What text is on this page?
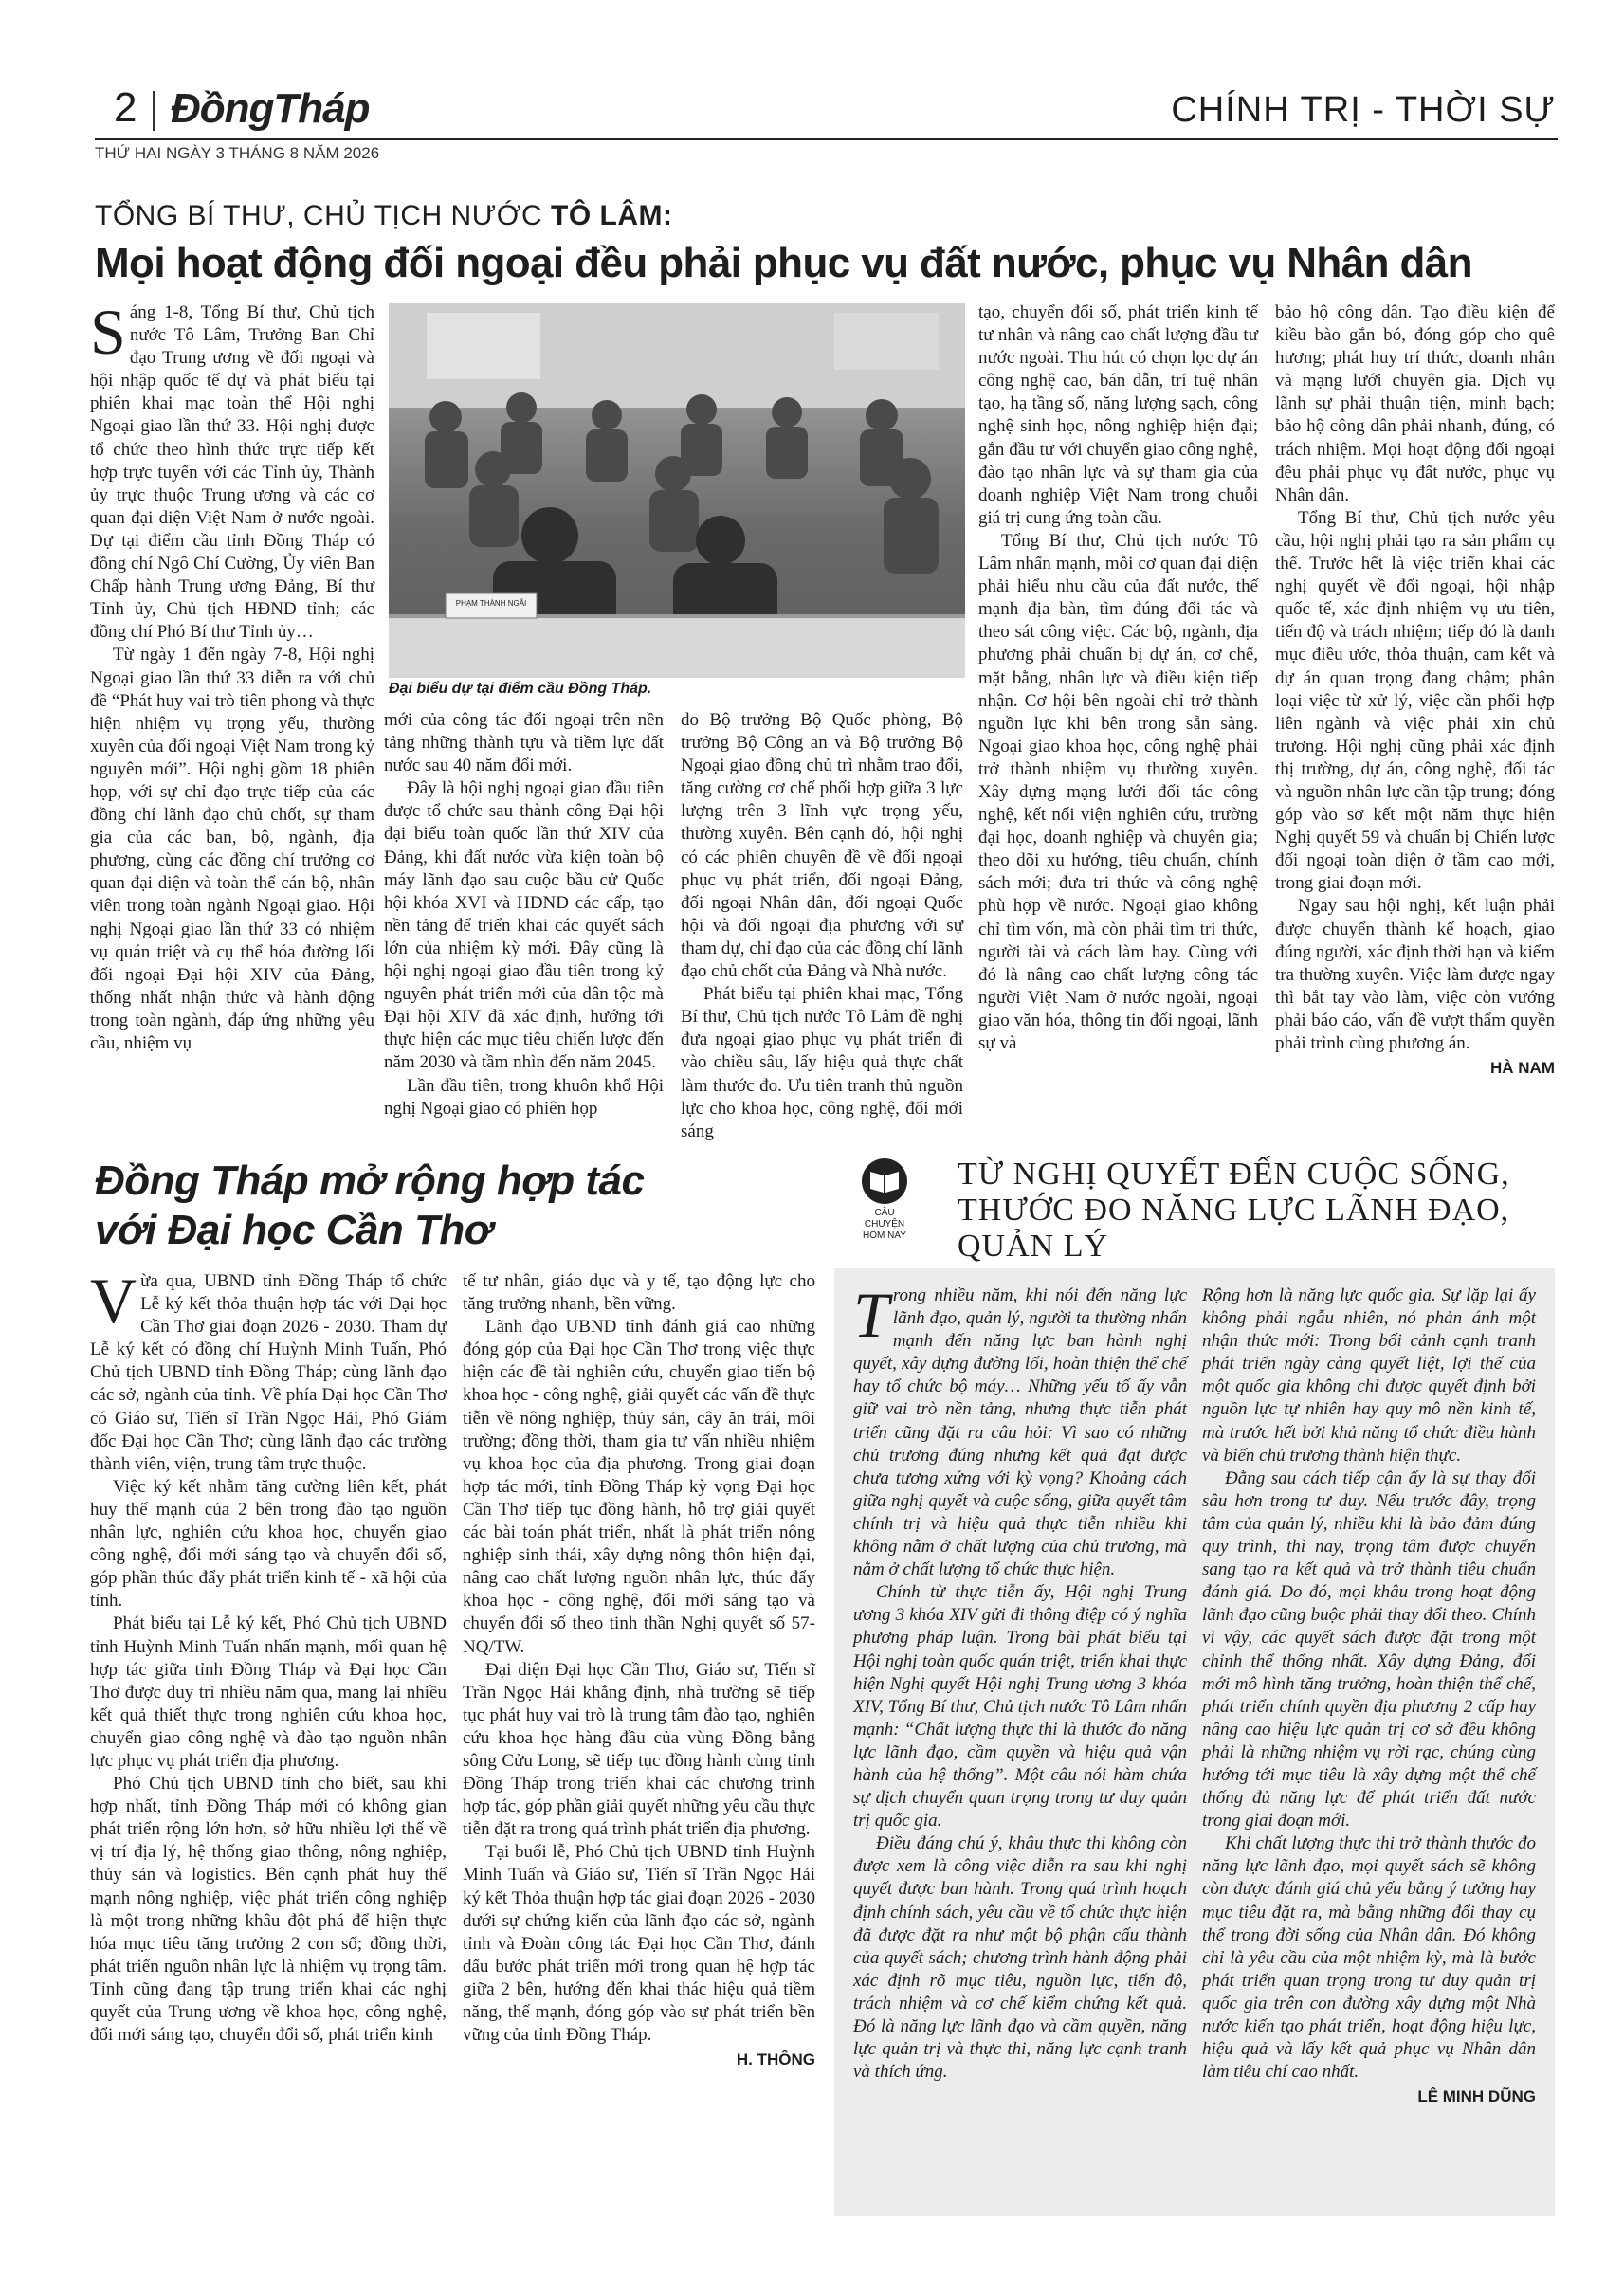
2 ĐồngTháp	CHÍNH TRỊ - THỜI SỰ
THỨ HAI NGÀY 3 THÁNG 8 NĂM 2026
TỔNG BÍ THƯ, CHỦ TỊCH NƯỚC TÔ LÂM:
Mọi hoạt động đối ngoại đều phải phục vụ đất nước, phục vụ Nhân dân
PHẠM THÀNH NGÃI
Đại biểu dự tại điểm cầu Đồng Tháp.

Sáng 1-8, Tổng Bí thư, Chủ tịch nước Tô Lâm, Trưởng Ban Chỉ đạo Trung ương về đối ngoại và hội nhập quốc tế dự và phát biểu tại phiên khai mạc toàn thể Hội nghị Ngoại giao lần thứ 33. Hội nghị được tổ chức theo hình thức trực tiếp kết hợp trực tuyến với các Tỉnh ủy, Thành ủy trực thuộc Trung ương và các cơ quan đại diện Việt Nam ở nước ngoài. Dự tại điểm cầu tỉnh Đồng Tháp có đồng chí Ngô Chí Cường, Ủy viên Ban Chấp hành Trung ương Đảng, Bí thư Tỉnh ủy, Chủ tịch HĐND tỉnh; các đồng chí Phó Bí thư Tỉnh ủy…

Từ ngày 1 đến ngày 7-8, Hội nghị Ngoại giao lần thứ 33 diễn ra với chủ đề “Phát huy vai trò tiên phong và thực hiện nhiệm vụ trọng yếu, thường xuyên của đối ngoại Việt Nam trong kỷ nguyên mới”. Hội nghị gồm 18 phiên họp, với sự chỉ đạo trực tiếp của các đồng chí lãnh đạo chủ chốt, sự tham gia của các ban, bộ, ngành, địa phương, cùng các đồng chí trưởng cơ quan đại diện và toàn thể cán bộ, nhân viên trong toàn ngành Ngoại giao. Hội nghị Ngoại giao lần thứ 33 có nhiệm vụ quán triệt và cụ thể hóa đường lối đối ngoại Đại hội XIV của Đảng, thống nhất nhận thức và hành động trong toàn ngành, đáp ứng những yêu cầu, nhiệm vụ

mới của công tác đối ngoại trên nền tảng những thành tựu và tiềm lực đất nước sau 40 năm đổi mới.

Đây là hội nghị ngoại giao đầu tiên được tổ chức sau thành công Đại hội đại biểu toàn quốc lần thứ XIV của Đảng, khi đất nước vừa kiện toàn bộ máy lãnh đạo sau cuộc bầu cử Quốc hội khóa XVI và HĐND các cấp, tạo nền tảng để triển khai các quyết sách lớn của nhiệm kỳ mới. Đây cũng là hội nghị ngoại giao đầu tiên trong kỷ nguyên phát triển mới của dân tộc mà Đại hội XIV đã xác định, hướng tới thực hiện các mục tiêu chiến lược đến năm 2030 và tầm nhìn đến năm 2045.

Lần đầu tiên, trong khuôn khổ Hội nghị Ngoại giao có phiên họp

do Bộ trưởng Bộ Quốc phòng, Bộ trưởng Bộ Công an và Bộ trưởng Bộ Ngoại giao đồng chủ trì nhằm trao đổi, tăng cường cơ chế phối hợp giữa 3 lực lượng trên 3 lĩnh vực trọng yếu, thường xuyên. Bên cạnh đó, hội nghị có các phiên chuyên đề về đối ngoại phục vụ phát triển, đối ngoại Đảng, đối ngoại Nhân dân, đối ngoại Quốc hội và đối ngoại địa phương với sự tham dự, chỉ đạo của các đồng chí lãnh đạo chủ chốt của Đảng và Nhà nước.

Phát biểu tại phiên khai mạc, Tổng Bí thư, Chủ tịch nước Tô Lâm đề nghị đưa ngoại giao phục vụ phát triển đi vào chiều sâu, lấy hiệu quả thực chất làm thước đo. Ưu tiên tranh thủ nguồn lực cho khoa học, công nghệ, đổi mới sáng

tạo, chuyển đổi số, phát triển kinh tế tư nhân và nâng cao chất lượng đầu tư nước ngoài. Thu hút có chọn lọc dự án công nghệ cao, bán dẫn, trí tuệ nhân tạo, hạ tầng số, năng lượng sạch, công nghệ sinh học, nông nghiệp hiện đại; gắn đầu tư với chuyển giao công nghệ, đào tạo nhân lực và sự tham gia của doanh nghiệp Việt Nam trong chuỗi giá trị cung ứng toàn cầu.

Tổng Bí thư, Chủ tịch nước Tô Lâm nhấn mạnh, mỗi cơ quan đại diện phải hiểu nhu cầu của đất nước, thế mạnh địa bàn, tìm đúng đối tác và theo sát công việc. Các bộ, ngành, địa phương phải chuẩn bị dự án, cơ chế, mặt bằng, nhân lực và điều kiện tiếp nhận. Cơ hội bên ngoài chỉ trở thành nguồn lực khi bên trong sẵn sàng. Ngoại giao khoa học, công nghệ phải trở thành nhiệm vụ thường xuyên. Xây dựng mạng lưới đối tác công nghệ, kết nối viện nghiên cứu, trường đại học, doanh nghiệp và chuyên gia; theo dõi xu hướng, tiêu chuẩn, chính sách mới; đưa tri thức và công nghệ phù hợp về nước. Ngoại giao không chỉ tìm vốn, mà còn phải tìm tri thức, người tài và cách làm hay. Cùng với đó là nâng cao chất lượng công tác người Việt Nam ở nước ngoài, ngoại giao văn hóa, thông tin đối ngoại, lãnh sự và

bảo hộ công dân. Tạo điều kiện để kiều bào gắn bó, đóng góp cho quê hương; phát huy trí thức, doanh nhân và mạng lưới chuyên gia. Dịch vụ lãnh sự phải thuận tiện, minh bạch; bảo hộ công dân phải nhanh, đúng, có trách nhiệm. Mọi hoạt động đối ngoại đều phải phục vụ đất nước, phục vụ Nhân dân.

Tổng Bí thư, Chủ tịch nước yêu cầu, hội nghị phải tạo ra sản phẩm cụ thể. Trước hết là việc triển khai các nghị quyết về đối ngoại, hội nhập quốc tế, xác định nhiệm vụ ưu tiên, tiến độ và trách nhiệm; tiếp đó là danh mục điều ước, thỏa thuận, cam kết và dự án quan trọng đang chậm; phân loại việc từ xử lý, việc cần phối hợp liên ngành và việc phải xin chủ trương. Hội nghị cũng phải xác định thị trường, dự án, công nghệ, đối tác và nguồn nhân lực cần tập trung; đóng góp vào sơ kết một năm thực hiện Nghị quyết 59 và chuẩn bị Chiến lược đối ngoại toàn diện ở tầm cao mới, trong giai đoạn mới.

Ngay sau hội nghị, kết luận phải được chuyển thành kế hoạch, giao đúng người, xác định thời hạn và kiểm tra thường xuyên. Việc làm được ngay thì bắt tay vào làm, việc còn vướng phải báo cáo, vấn đề vượt thẩm quyền phải trình cùng phương án.

HÀ NAM
Đồng Tháp mở rộng hợp tác
với Đại học Cần Thơ

Vừa qua, UBND tỉnh Đồng Tháp tổ chức Lễ ký kết thỏa thuận hợp tác với Đại học Cần Thơ giai đoạn 2026 - 2030. Tham dự Lễ ký kết có đồng chí Huỳnh Minh Tuấn, Phó Chủ tịch UBND tỉnh Đồng Tháp; cùng lãnh đạo các sở, ngành của tỉnh. Về phía Đại học Cần Thơ có Giáo sư, Tiến sĩ Trần Ngọc Hải, Phó Giám đốc Đại học Cần Thơ; cùng lãnh đạo các trường thành viên, viện, trung tâm trực thuộc.

Việc ký kết nhằm tăng cường liên kết, phát huy thế mạnh của 2 bên trong đào tạo nguồn nhân lực, nghiên cứu khoa học, chuyển giao công nghệ, đổi mới sáng tạo và chuyển đổi số, góp phần thúc đẩy phát triển kinh tế - xã hội của tỉnh.

Phát biểu tại Lễ ký kết, Phó Chủ tịch UBND tỉnh Huỳnh Minh Tuấn nhấn mạnh, mối quan hệ hợp tác giữa tỉnh Đồng Tháp và Đại học Cần Thơ được duy trì nhiều năm qua, mang lại nhiều kết quả thiết thực trong nghiên cứu khoa học, chuyển giao công nghệ và đào tạo nguồn nhân lực phục vụ phát triển địa phương.

Phó Chủ tịch UBND tỉnh cho biết, sau khi hợp nhất, tỉnh Đồng Tháp mới có không gian phát triển rộng lớn hơn, sở hữu nhiều lợi thế về vị trí địa lý, hệ thống giao thông, nông nghiệp, thủy sản và logistics. Bên cạnh phát huy thế mạnh nông nghiệp, việc phát triển công nghiệp là một trong những khâu đột phá để hiện thực hóa mục tiêu tăng trưởng 2 con số; đồng thời, phát triển nguồn nhân lực là nhiệm vụ trọng tâm. Tỉnh cũng đang tập trung triển khai các nghị quyết của Trung ương về khoa học, công nghệ, đổi mới sáng tạo, chuyển đổi số, phát triển kinh

tế tư nhân, giáo dục và y tế, tạo động lực cho tăng trưởng nhanh, bền vững.

Lãnh đạo UBND tỉnh đánh giá cao những đóng góp của Đại học Cần Thơ trong việc thực hiện các đề tài nghiên cứu, chuyển giao tiến bộ khoa học - công nghệ, giải quyết các vấn đề thực tiễn về nông nghiệp, thủy sản, cây ăn trái, môi trường; đồng thời, tham gia tư vấn nhiều nhiệm vụ khoa học của địa phương. Trong giai đoạn hợp tác mới, tỉnh Đồng Tháp kỳ vọng Đại học Cần Thơ tiếp tục đồng hành, hỗ trợ giải quyết các bài toán phát triển, nhất là phát triển nông nghiệp sinh thái, xây dựng nông thôn hiện đại, nâng cao chất lượng nguồn nhân lực, thúc đẩy khoa học - công nghệ, đổi mới sáng tạo và chuyển đổi số theo tinh thần Nghị quyết số 57-NQ/TW.

Đại diện Đại học Cần Thơ, Giáo sư, Tiến sĩ Trần Ngọc Hải khẳng định, nhà trường sẽ tiếp tục phát huy vai trò là trung tâm đào tạo, nghiên cứu khoa học hàng đầu của vùng Đồng bằng sông Cửu Long, sẽ tiếp tục đồng hành cùng tỉnh Đồng Tháp trong triển khai các chương trình hợp tác, góp phần giải quyết những yêu cầu thực tiễn đặt ra trong quá trình phát triển địa phương.

Tại buổi lễ, Phó Chủ tịch UBND tỉnh Huỳnh Minh Tuấn và Giáo sư, Tiến sĩ Trần Ngọc Hải ký kết Thỏa thuận hợp tác giai đoạn 2026 - 2030 dưới sự chứng kiến của lãnh đạo các sở, ngành tỉnh và Đoàn công tác Đại học Cần Thơ, đánh dấu bước phát triển mới trong quan hệ hợp tác giữa 2 bên, hướng đến khai thác hiệu quả tiềm năng, thế mạnh, đóng góp vào sự phát triển bền vững của tỉnh Đồng Tháp.

H. THÔNG
CÂU CHUYỆN
HÔM NAY
TỪ NGHỊ QUYẾT ĐẾN CUỘC SỐNG,
THƯỚC ĐO NĂNG LỰC LÃNH ĐẠO,
QUẢN LÝ

Trong nhiều năm, khi nói đến năng lực lãnh đạo, quản lý, người ta thường nhấn mạnh đến năng lực ban hành nghị quyết, xây dựng đường lối, hoàn thiện thể chế hay tổ chức bộ máy… Những yếu tố ấy vẫn giữ vai trò nền tảng, nhưng thực tiễn phát triển cũng đặt ra câu hỏi: Vì sao có những chủ trương đúng nhưng kết quả đạt được chưa tương xứng với kỳ vọng? Khoảng cách giữa nghị quyết và cuộc sống, giữa quyết tâm chính trị và hiệu quả thực tiễn nhiều khi không nằm ở chất lượng của chủ trương, mà nằm ở chất lượng tổ chức thực hiện.

Chính từ thực tiễn ấy, Hội nghị Trung ương 3 khóa XIV gửi đi thông điệp có ý nghĩa phương pháp luận. Trong bài phát biểu tại Hội nghị toàn quốc quán triệt, triển khai thực hiện Nghị quyết Hội nghị Trung ương 3 khóa XIV, Tổng Bí thư, Chủ tịch nước Tô Lâm nhấn mạnh: “Chất lượng thực thi là thước đo năng lực lãnh đạo, cầm quyền và hiệu quả vận hành của hệ thống”. Một câu nói hàm chứa sự dịch chuyển quan trọng trong tư duy quản trị quốc gia.

Điều đáng chú ý, khâu thực thi không còn được xem là công việc diễn ra sau khi nghị quyết được ban hành. Trong quá trình hoạch định chính sách, yêu cầu về tổ chức thực hiện đã được đặt ra như một bộ phận cấu thành của quyết sách; chương trình hành động phải xác định rõ mục tiêu, nguồn lực, tiến độ, trách nhiệm và cơ chế kiểm chứng kết quả. Đó là năng lực lãnh đạo và cầm quyền, năng lực quản trị và thực thi, năng lực cạnh tranh và thích ứng.

Rộng hơn là năng lực quốc gia. Sự lặp lại ấy không phải ngẫu nhiên, nó phản ánh một nhận thức mới: Trong bối cảnh cạnh tranh phát triển ngày càng quyết liệt, lợi thế của một quốc gia không chỉ được quyết định bởi nguồn lực tự nhiên hay quy mô nền kinh tế, mà trước hết bởi khả năng tổ chức điều hành và biến chủ trương thành hiện thực.

Đằng sau cách tiếp cận ấy là sự thay đổi sâu hơn trong tư duy. Nếu trước đây, trọng tâm của quản lý, nhiều khi là bảo đảm đúng quy trình, thì nay, trọng tâm được chuyển sang tạo ra kết quả và trở thành tiêu chuẩn đánh giá. Do đó, mọi khâu trong hoạt động lãnh đạo cũng buộc phải thay đổi theo. Chính vì vậy, các quyết sách được đặt trong một chỉnh thể thống nhất. Xây dựng Đảng, đổi mới mô hình tăng trưởng, hoàn thiện thể chế, phát triển chính quyền địa phương 2 cấp hay nâng cao hiệu lực quản trị cơ sở đều không phải là những nhiệm vụ rời rạc, chúng cùng hướng tới mục tiêu là xây dựng một thể chế thống đủ năng lực để phát triển đất nước trong giai đoạn mới.

Khi chất lượng thực thi trở thành thước đo năng lực lãnh đạo, mọi quyết sách sẽ không còn được đánh giá chủ yếu bằng ý tưởng hay mục tiêu đặt ra, mà bằng những đổi thay cụ thể trong đời sống của Nhân dân. Đó không chỉ là yêu cầu của một nhiệm kỳ, mà là bước phát triển quan trọng trong tư duy quản trị quốc gia trên con đường xây dựng một Nhà nước kiến tạo phát triển, hoạt động hiệu lực, hiệu quả và lấy kết quả phục vụ Nhân dân làm tiêu chí cao nhất.

LÊ MINH DŨNG
